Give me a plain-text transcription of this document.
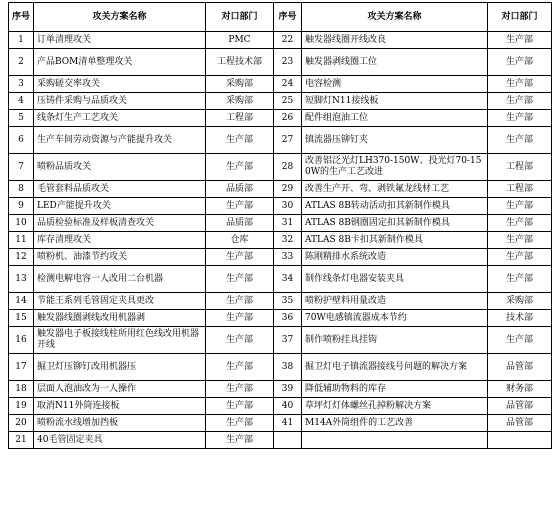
序号	攻关方案名称	对口部门	序号	攻关方案名称	对口部门
1	订单清理攻关	PMC	22	触发器线圈开线改良	生产部
2	产品BOM清单整理攻关	工程技术部	23	触发器剥线圈工位	生产部
3	采购磋交率攻关	采购部	24	电容检测	生产部
4	压铸件采购与品质攻关	采购部	25	短脚灯N11接线板	生产部
5	线条灯生产工艺攻关	工程部	26	配件组泡油工位	生产部
6	生产车间劳动资源与产能提升攻关	生产部	27	镇流器压铆钉夹	生产部
7	喷粉品质攻关	生产部	28	改善铝泛光灯LH370-150W、投光灯70-150W的生产工艺改进	工程部
8	毛管套料品质攻关	品质部	29	改善生产开、弯、剥铁氟龙线材工艺	工程部
9	LED产能提升攻关	生产部	30	ATLAS 8B转动活动扣其新制作模具	生产部
10	品质检验标准及样板清查攻关	品质部	31	ATLAS 8B钢圈固定扣其新制作模具	生产部
11	库存清理攻关	仓库	32	ATLAS 8B卡扣其新制作模具	生产部
12	喷粉机、油漆节约攻关	生产部	33	陈刚精排水系统改造	生产部
13	检测电解电容一人改用二台机器	生产部	34	制作线条灯电器安装夹具	生产部
14	节能王系列毛管固定夹具更改	生产部	35	喷粉护壁料用量改造	采购部
15	触发器线圈剥线改用机器剥	生产部	36	70W电感镇流器成本节约	技术部
16	触发器电子板接线柱所用红色线改用机器开线	生产部	37	制作喷粉挂具挂钩	生产部
17	掘卫灯压铆钉改用机器压	生产部	38	掘卫灯电子镇流器接线号问题的解决方案	品管部
18	层面人泡油改为一人操作	生产部	39	降低辅助物料的库存	财务部
19	取消N11外筒连接板	生产部	40	草坪灯灯体螺丝孔掉粉解决方案	品管部
20	喷粉流水线增加挡板	生产部	41	M14A外筒组件的工艺改善	品管部
21	40毛管固定夹具	生产部			
